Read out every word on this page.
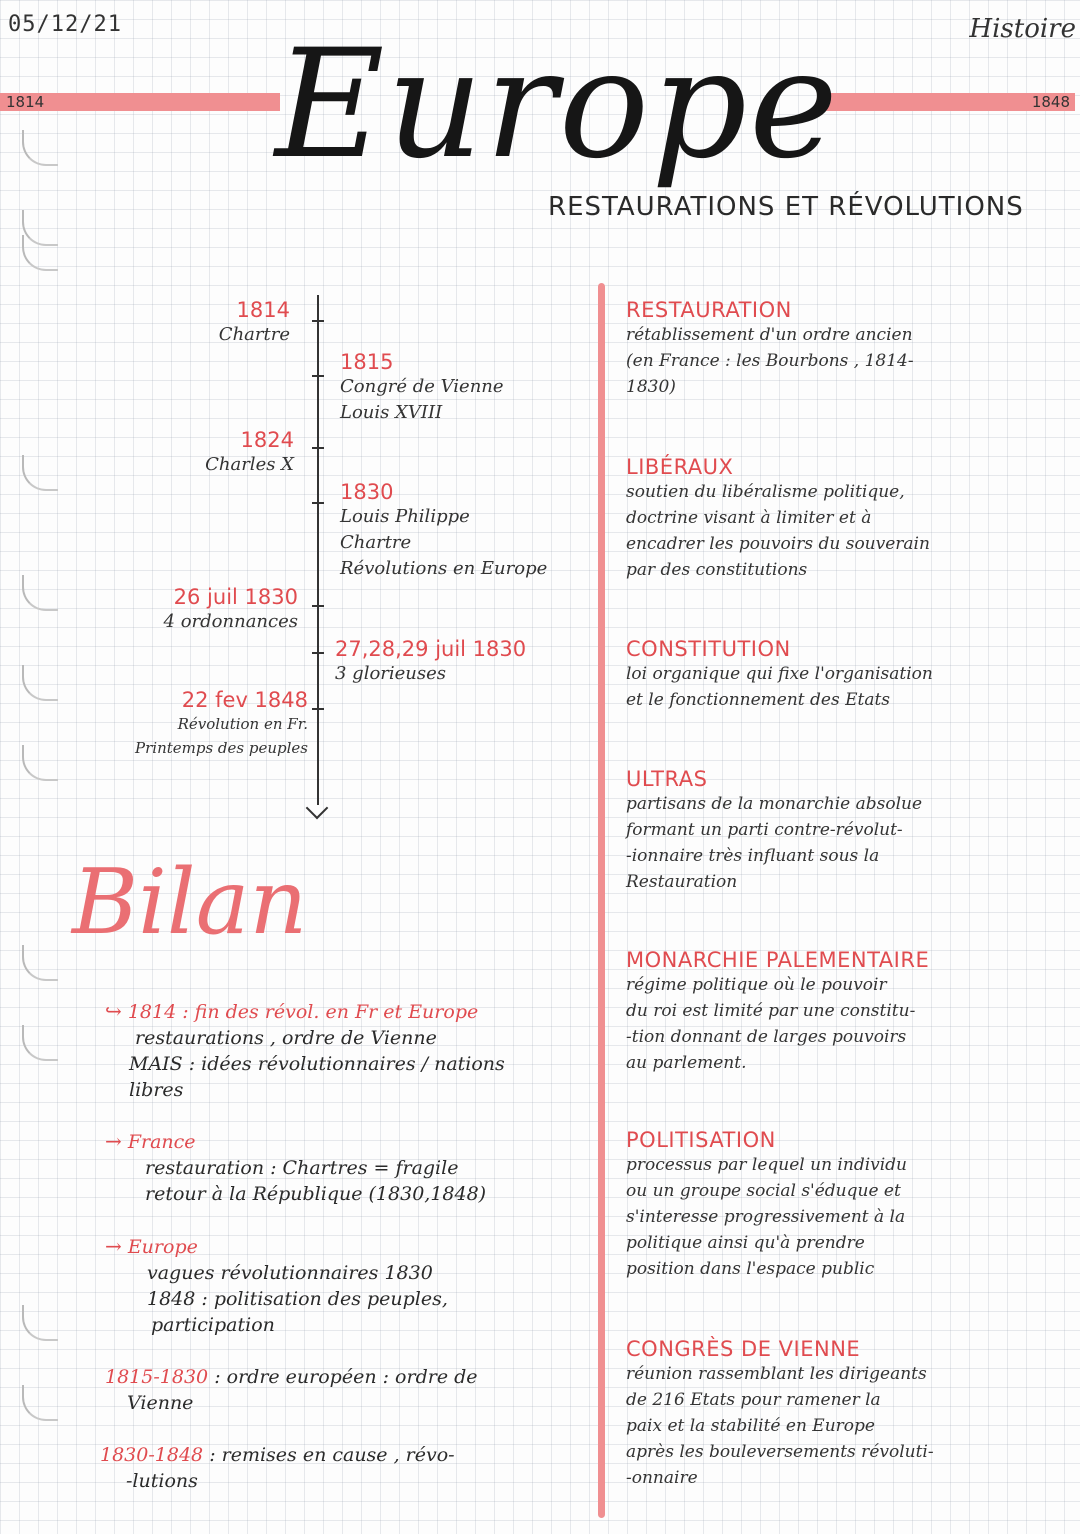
05/12/21	Histoire
1814	1848
Europe
RESTAURATIONS ET RÉVOLUTIONS
1814
Chartre
1824
Charles X
26 juil 1830
4 ordonnances
22 fev 1848
Révolution en Fr.
Printemps des peuples
1815
Congré de Vienne
Louis XVIII
1830
Louis Philippe
Chartre
Révolutions en Europe
27,28,29 juil 1830
3 glorieuses
RESTAURATION
rétablissement d'un ordre ancien
(en France : les Bourbons , 1814-
1830)
LIBÉRAUX
soutien du libéralisme politique,
doctrine visant à limiter et à
encadrer les pouvoirs du souverain
par des constitutions
CONSTITUTION
loi organique qui fixe l'organisation
et le fonctionnement des Etats
ULTRAS
partisans de la monarchie absolue
formant un parti contre-révolut-
-ionnaire très influant sous la
Restauration
MONARCHIE PALEMENTAIRE
régime politique où le pouvoir
du roi est limité par une constitu-
-tion donnant de larges pouvoirs
au parlement.
POLITISATION
processus par lequel un individu
ou un groupe social s'éduque et
s'interesse progressivement à la
politique ainsi qu'à prendre
position dans l'espace public
CONGRÈS DE VIENNE
réunion rassemblant les dirigeants
de 216 Etats pour ramener la
paix et la stabilité en Europe
après les bouleversements révoluti-
-onnaire
Bilan
↪ 1814 : fin des révol. en Fr et Europe
restaurations , ordre de Vienne
MAIS : idées révolutionnaires / nations
libres
→ France
restauration : Chartres = fragile
retour à la République (1830,1848)
→ Europe
vagues révolutionnaires 1830
1848 : politisation des peuples,
participation
1815-1830 : ordre européen : ordre de
Vienne
1830-1848 : remises en cause , révo-
-lutions
